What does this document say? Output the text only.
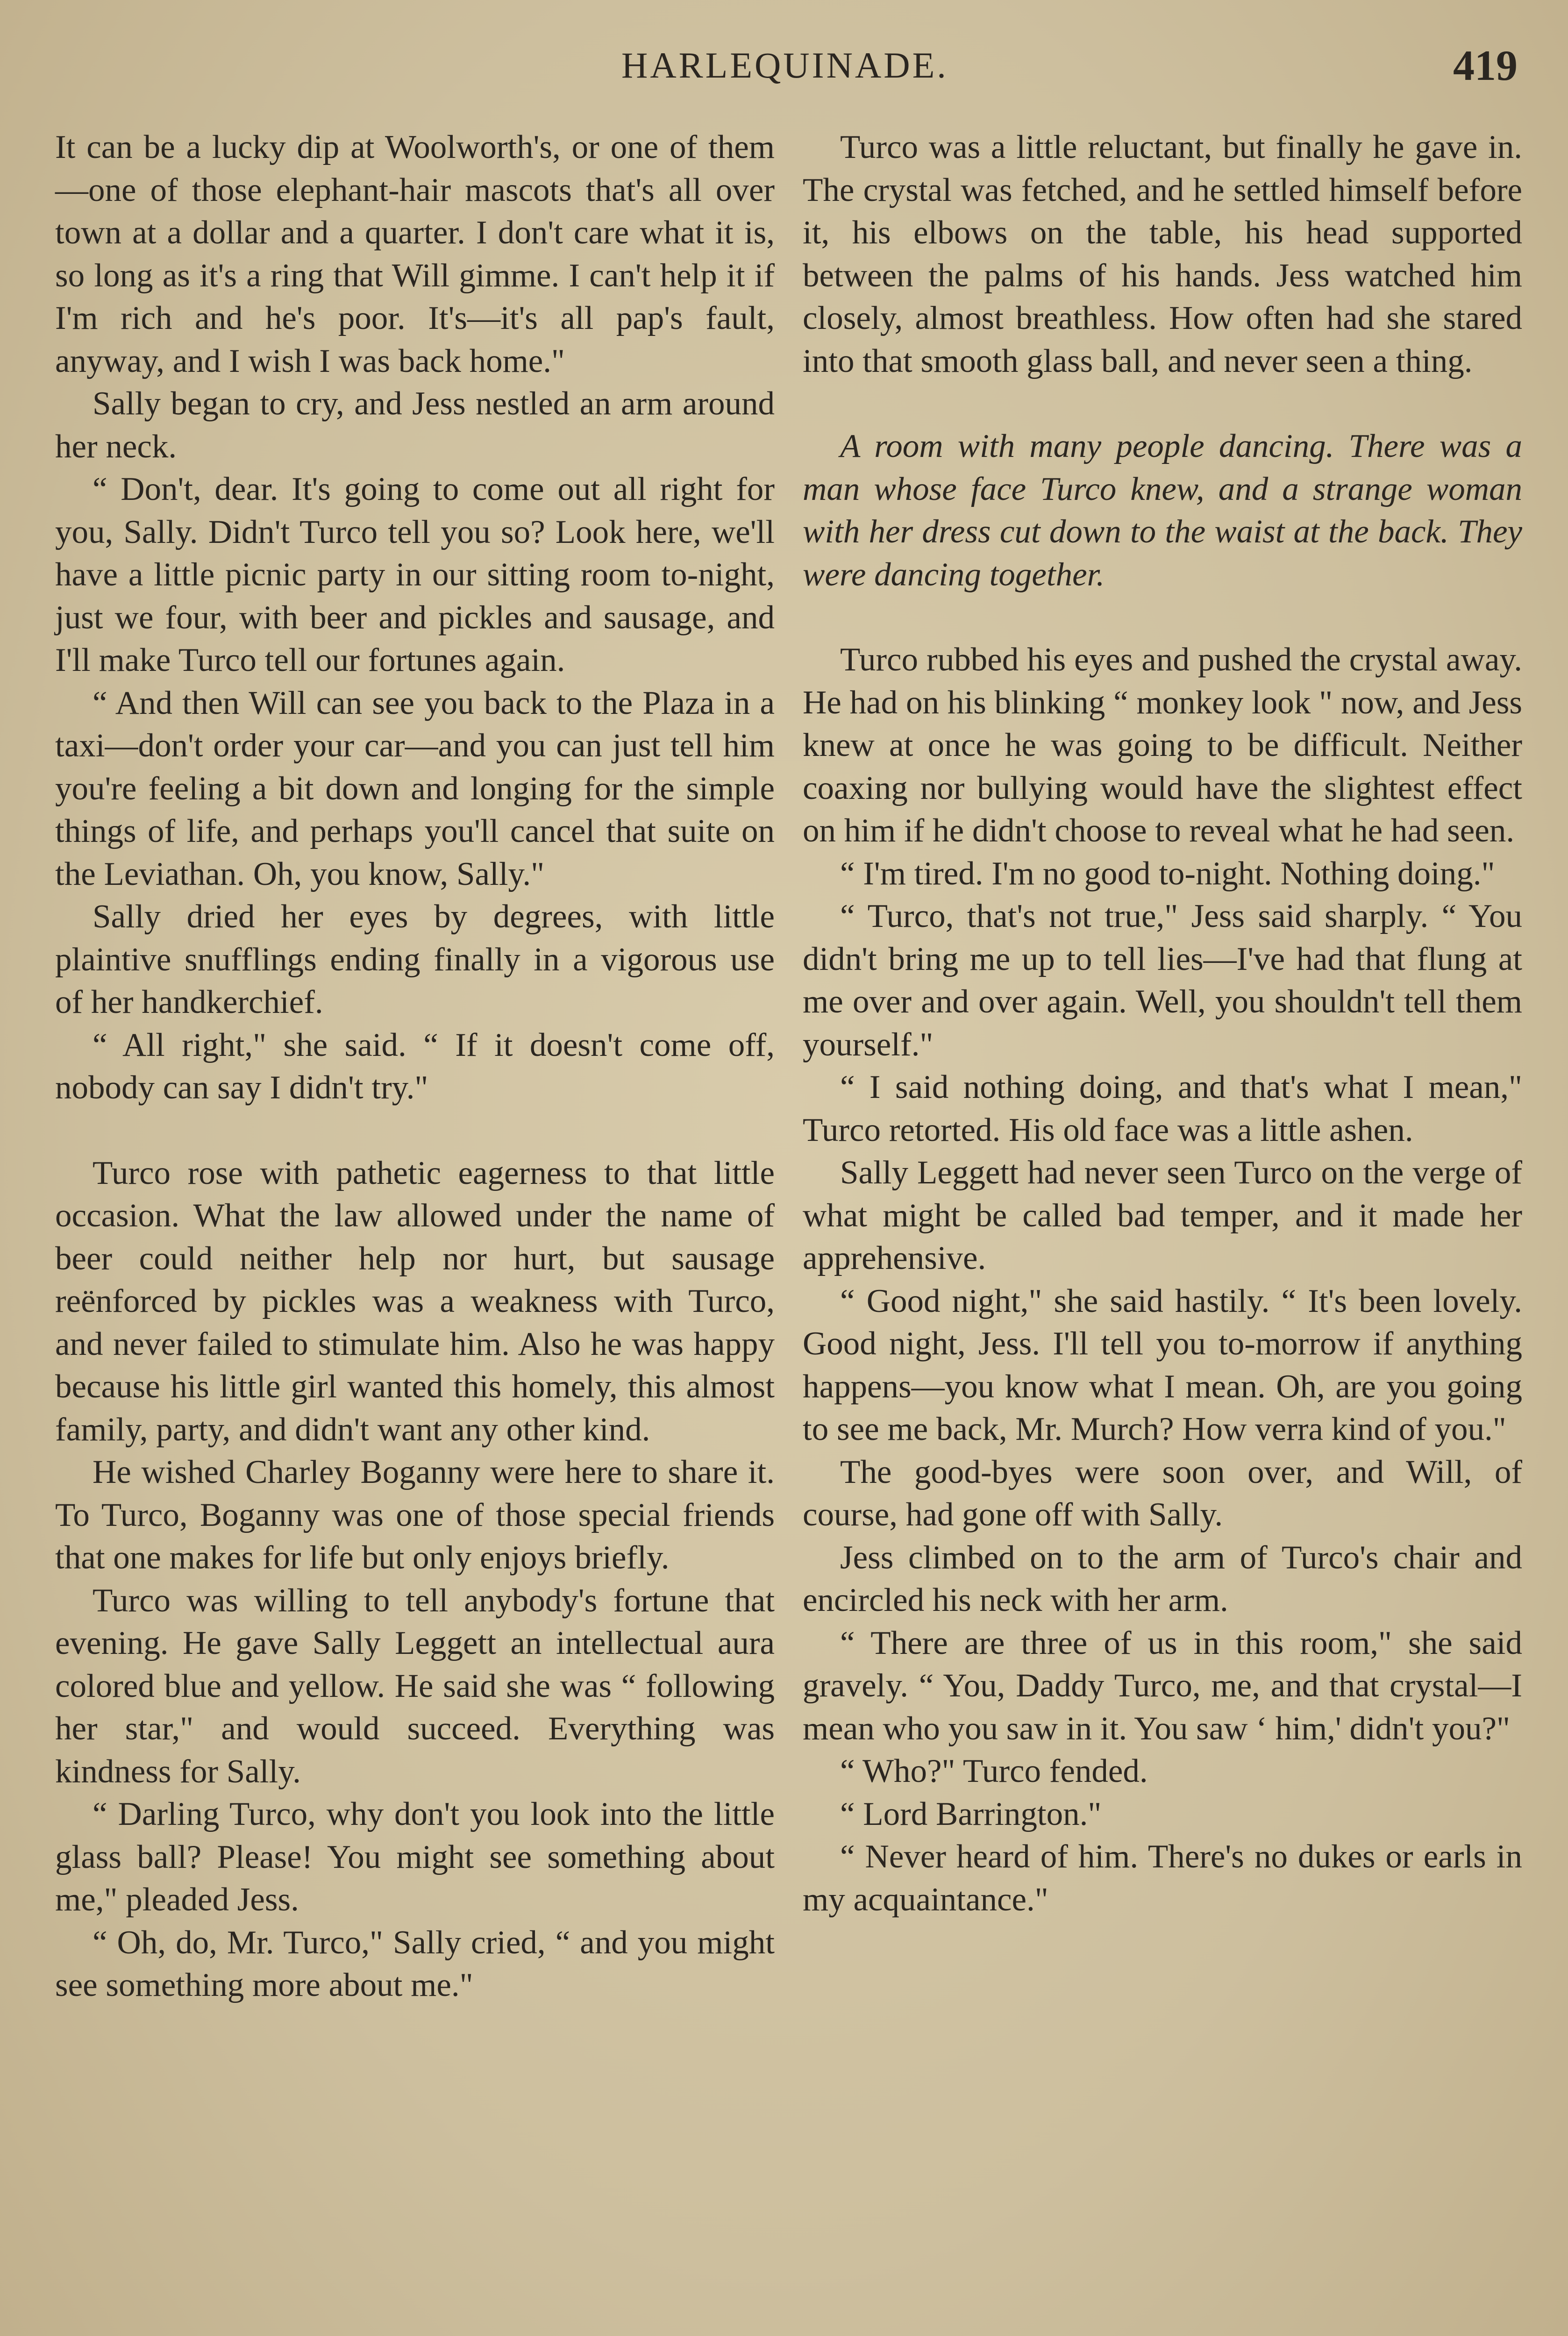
HARLEQUINADE.	419

It can be a lucky dip at Woolworth's, or one of them—one of those elephant-hair mascots that's all over town at a dollar and a quarter. I don't care what it is, so long as it's a ring that Will gimme. I can't help it if I'm rich and he's poor. It's—it's all pap's fault, anyway, and I wish I was back home."

Sally began to cry, and Jess nestled an arm around her neck.

“ Don't, dear. It's going to come out all right for you, Sally. Didn't Turco tell you so? Look here, we'll have a little picnic party in our sitting room to-night, just we four, with beer and pickles and sausage, and I'll make Turco tell our fortunes again.

“ And then Will can see you back to the Plaza in a taxi—don't order your car—and you can just tell him you're feeling a bit down and longing for the simple things of life, and perhaps you'll cancel that suite on the Leviathan. Oh, you know, Sally."

Sally dried her eyes by degrees, with little plaintive snufflings ending finally in a vigorous use of her handkerchief.

“ All right," she said. “ If it doesn't come off, nobody can say I didn't try."

Turco rose with pathetic eagerness to that little occasion. What the law allowed under the name of beer could neither help nor hurt, but sausage reënforced by pickles was a weakness with Turco, and never failed to stimulate him. Also he was happy because his little girl wanted this homely, this almost family, party, and didn't want any other kind.

He wished Charley Boganny were here to share it. To Turco, Boganny was one of those special friends that one makes for life but only enjoys briefly.

Turco was willing to tell anybody's fortune that evening. He gave Sally Leggett an intellectual aura colored blue and yellow. He said she was “ following her star," and would succeed. Everything was kindness for Sally.

“ Darling Turco, why don't you look into the little glass ball? Please! You might see something about me," pleaded Jess.

“ Oh, do, Mr. Turco," Sally cried, “ and you might see something more about me."

Turco was a little reluctant, but finally he gave in. The crystal was fetched, and he settled himself before it, his elbows on the table, his head supported between the palms of his hands. Jess watched him closely, almost breathless. How often had she stared into that smooth glass ball, and never seen a thing.

A room with many people dancing. There was a man whose face Turco knew, and a strange woman with her dress cut down to the waist at the back. They were dancing together.

Turco rubbed his eyes and pushed the crystal away. He had on his blinking “ monkey look " now, and Jess knew at once he was going to be difficult. Neither coaxing nor bullying would have the slightest effect on him if he didn't choose to reveal what he had seen.

“ I'm tired. I'm no good to-night. Nothing doing."

“ Turco, that's not true," Jess said sharply. “ You didn't bring me up to tell lies—I've had that flung at me over and over again. Well, you shouldn't tell them yourself."

“ I said nothing doing, and that's what I mean," Turco retorted. His old face was a little ashen.

Sally Leggett had never seen Turco on the verge of what might be called bad temper, and it made her apprehensive.

“ Good night," she said hastily. “ It's been lovely. Good night, Jess. I'll tell you to-morrow if anything happens—you know what I mean. Oh, are you going to see me back, Mr. Murch? How verra kind of you."

The good-byes were soon over, and Will, of course, had gone off with Sally.

Jess climbed on to the arm of Turco's chair and encircled his neck with her arm.

“ There are three of us in this room," she said gravely. “ You, Daddy Turco, me, and that crystal—I mean who you saw in it. You saw ‘ him,' didn't you?"

“ Who?" Turco fended.

“ Lord Barrington."

“ Never heard of him. There's no dukes or earls in my acquaintance."
